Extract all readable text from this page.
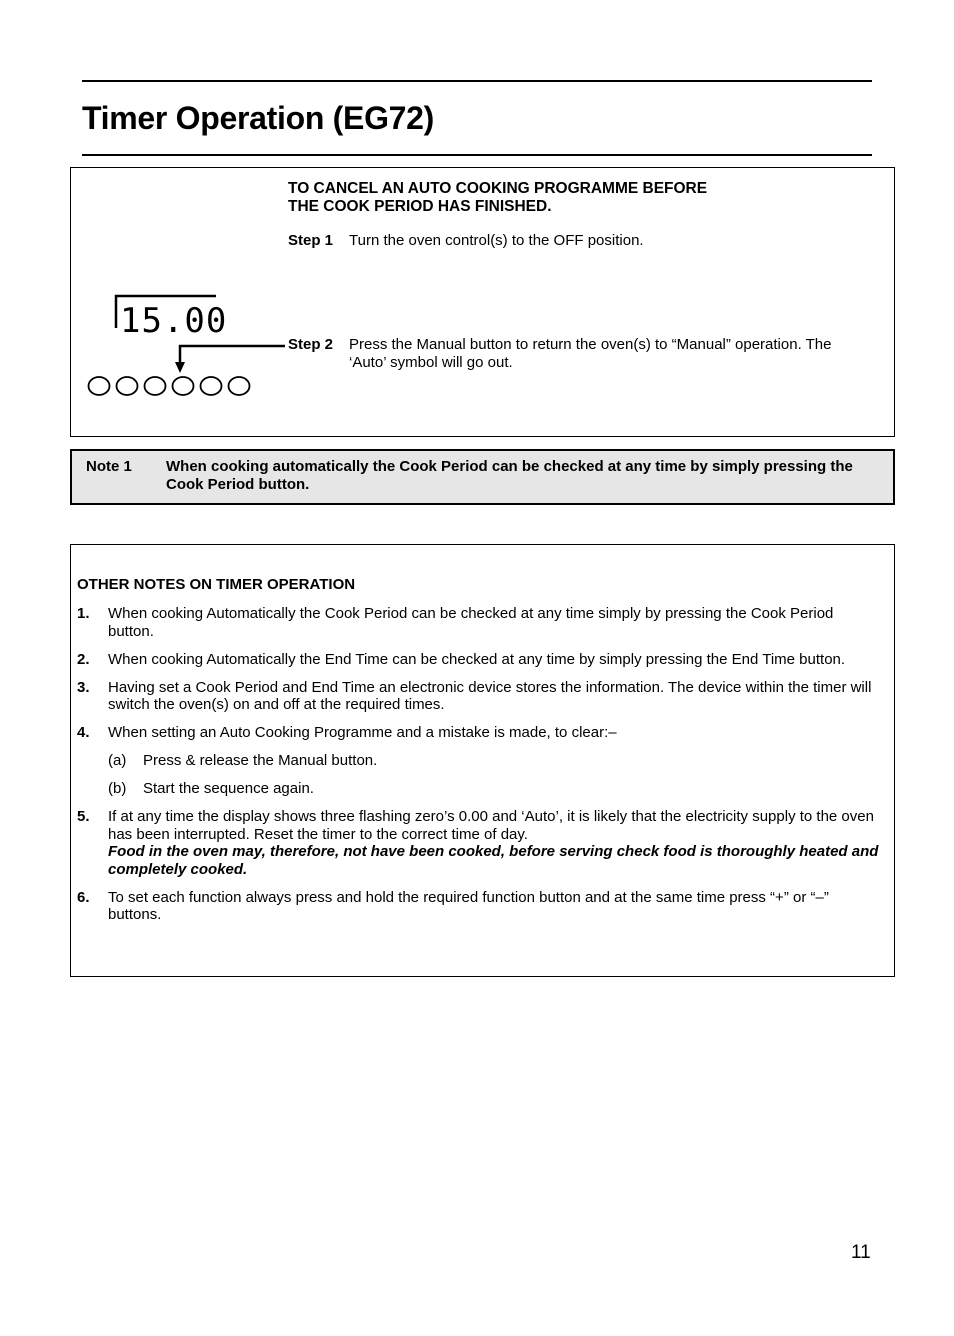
Timer Operation (EG72)
TO CANCEL AN AUTO COOKING PROGRAMME BEFORE
THE COOK PERIOD HAS FINISHED.
Step 1 Turn the oven control(s) to the OFF position.
Step 2 Press the Manual button to return the oven(s) to “Manual” operation. The ‘Auto’ symbol will go out.
15.00
Note 1 When cooking automatically the Cook Period can be checked at any time by simply pressing the Cook Period button.
OTHER NOTES ON TIMER OPERATION
1. When cooking Automatically the Cook Period can be checked at any time simply by pressing the Cook Period button.
2. When cooking Automatically the End Time can be checked at any time by simply pressing the End Time button.
3. Having set a Cook Period and End Time an electronic device stores the information. The device within the timer will switch the oven(s) on and off at the required times.
4. When setting an Auto Cooking Programme and a mistake is made, to clear:–
(a) Press & release the Manual button.
(b) Start the sequence again.
5. If at any time the display shows three flashing zero’s 0.00 and ‘Auto’, it is likely that the electricity supply to the oven has been interrupted. Reset the timer to the correct time of day.
Food in the oven may, therefore, not have been cooked, before serving check food is thoroughly heated and completely cooked.
6. To set each function always press and hold the required function button and at the same time press “+” or “–” buttons.
11
